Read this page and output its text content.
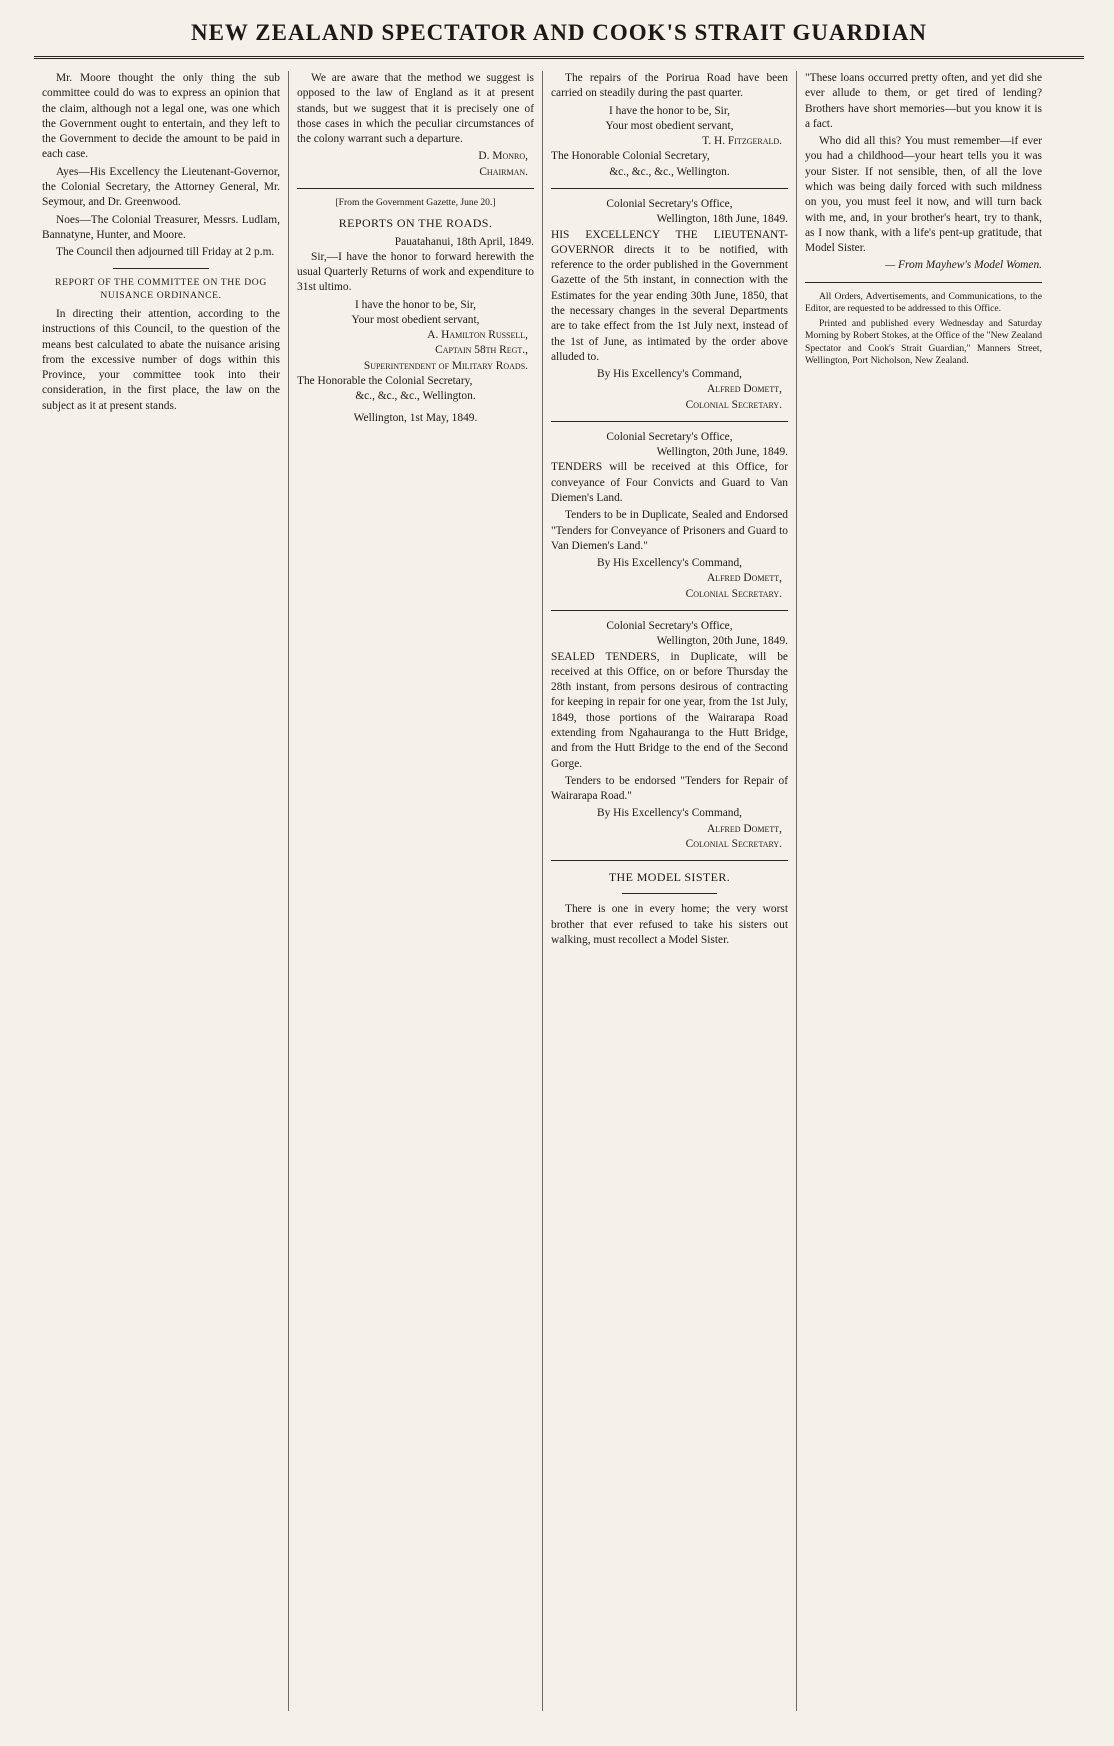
NEW ZEALAND SPECTATOR AND COOK'S STRAIT GUARDIAN

Mr. Moore thought the only thing the sub committee could do was to express an opinion that the claim, although not a legal one, was one which the Government ought to entertain, and they left to the Government to decide the amount to be paid in each case.

Ayes—His Excellency the Lieutenant-Governor, the Colonial Secretary, the Attorney General, Mr. Seymour, and Dr. Greenwood.

Noes—The Colonial Treasurer, Messrs. Ludlam, Bannatyne, Hunter, and Moore.

The Council then adjourned till Friday at 2 p.m.

REPORT OF THE COMMITTEE ON THE DOG NUISANCE ORDINANCE.

In directing their attention, according to the instructions of this Council, to the question of the means best calculated to abate the nuisance arising from the excessive number of dogs within this Province, your committee took into their consideration, in the first place, the law on the subject as it at present stands.

We are aware that the method we suggest is opposed to the law of England as it at present stands, but we suggest that it is precisely one of those cases in which the peculiar circumstances of the colony warrant such a departure.

D. Monro,
Chairman.
[From the Government Gazette, June 20.]
REPORTS ON THE ROADS.
Pauatahanui, 18th April, 1849.

Sir,—I have the honor to forward herewith the usual Quarterly Returns of work and expenditure to 31st ultimo.

I have the honor to be, Sir,
Your most obedient servant,
A. Hamilton Russell,
Captain 58th Regt.,
Superintendent of Military Roads.
The Honorable the Colonial Secretary,
&c., &c., &c., Wellington.
Wellington, 1st May, 1849.

The repairs of the Porirua Road have been carried on steadily during the past quarter.

I have the honor to be, Sir,
Your most obedient servant,
T. H. Fitzgerald.
The Honorable Colonial Secretary,
&c., &c., &c., Wellington.
Colonial Secretary's Office,
Wellington, 18th June, 1849.

HIS EXCELLENCY THE LIEUTENANT-GOVERNOR directs it to be notified, with reference to the order published in the Government Gazette of the 5th instant, in connection with the Estimates for the year ending 30th June, 1850, that the necessary changes in the several Departments are to take effect from the 1st July next, instead of the 1st of June, as intimated by the order above alluded to.

By His Excellency's Command,
Alfred Domett,
Colonial Secretary.
Colonial Secretary's Office,
Wellington, 20th June, 1849.

TENDERS will be received at this Office, for conveyance of Four Convicts and Guard to Van Diemen's Land.

Tenders to be in Duplicate, Sealed and Endorsed "Tenders for Conveyance of Prisoners and Guard to Van Diemen's Land."

By His Excellency's Command,
Alfred Domett,
Colonial Secretary.
Colonial Secretary's Office,
Wellington, 20th June, 1849.

SEALED TENDERS, in Duplicate, will be received at this Office, on or before Thursday the 28th instant, from persons desirous of contracting for keeping in repair for one year, from the 1st July, 1849, those portions of the Wairarapa Road extending from Ngahauranga to the Hutt Bridge, and from the Hutt Bridge to the end of the Second Gorge.

Tenders to be endorsed "Tenders for Repair of Wairarapa Road."

By His Excellency's Command,
Alfred Domett,
Colonial Secretary.
THE MODEL SISTER.

There is one in every home; the very worst brother that ever refused to take his sisters out walking, must recollect a Model Sister.

"These loans occurred pretty often, and yet did she ever allude to them, or get tired of lending? Brothers have short memories—but you know it is a fact.

Who did all this? You must remember—if ever you had a childhood—your heart tells you it was your Sister. If not sensible, then, of all the love which was being daily forced with such mildness on you, you must feel it now, and will turn back with me, and, in your brother's heart, try to thank, as I now thank, with a life's pent-up gratitude, that Model Sister.

— From Mayhew's Model Women.

All Orders, Advertisements, and Communications, to the Editor, are requested to be addressed to this Office.

Printed and published every Wednesday and Saturday Morning by Robert Stokes, at the Office of the "New Zealand Spectator and Cook's Strait Guardian," Manners Street, Wellington, Port Nicholson, New Zealand.
